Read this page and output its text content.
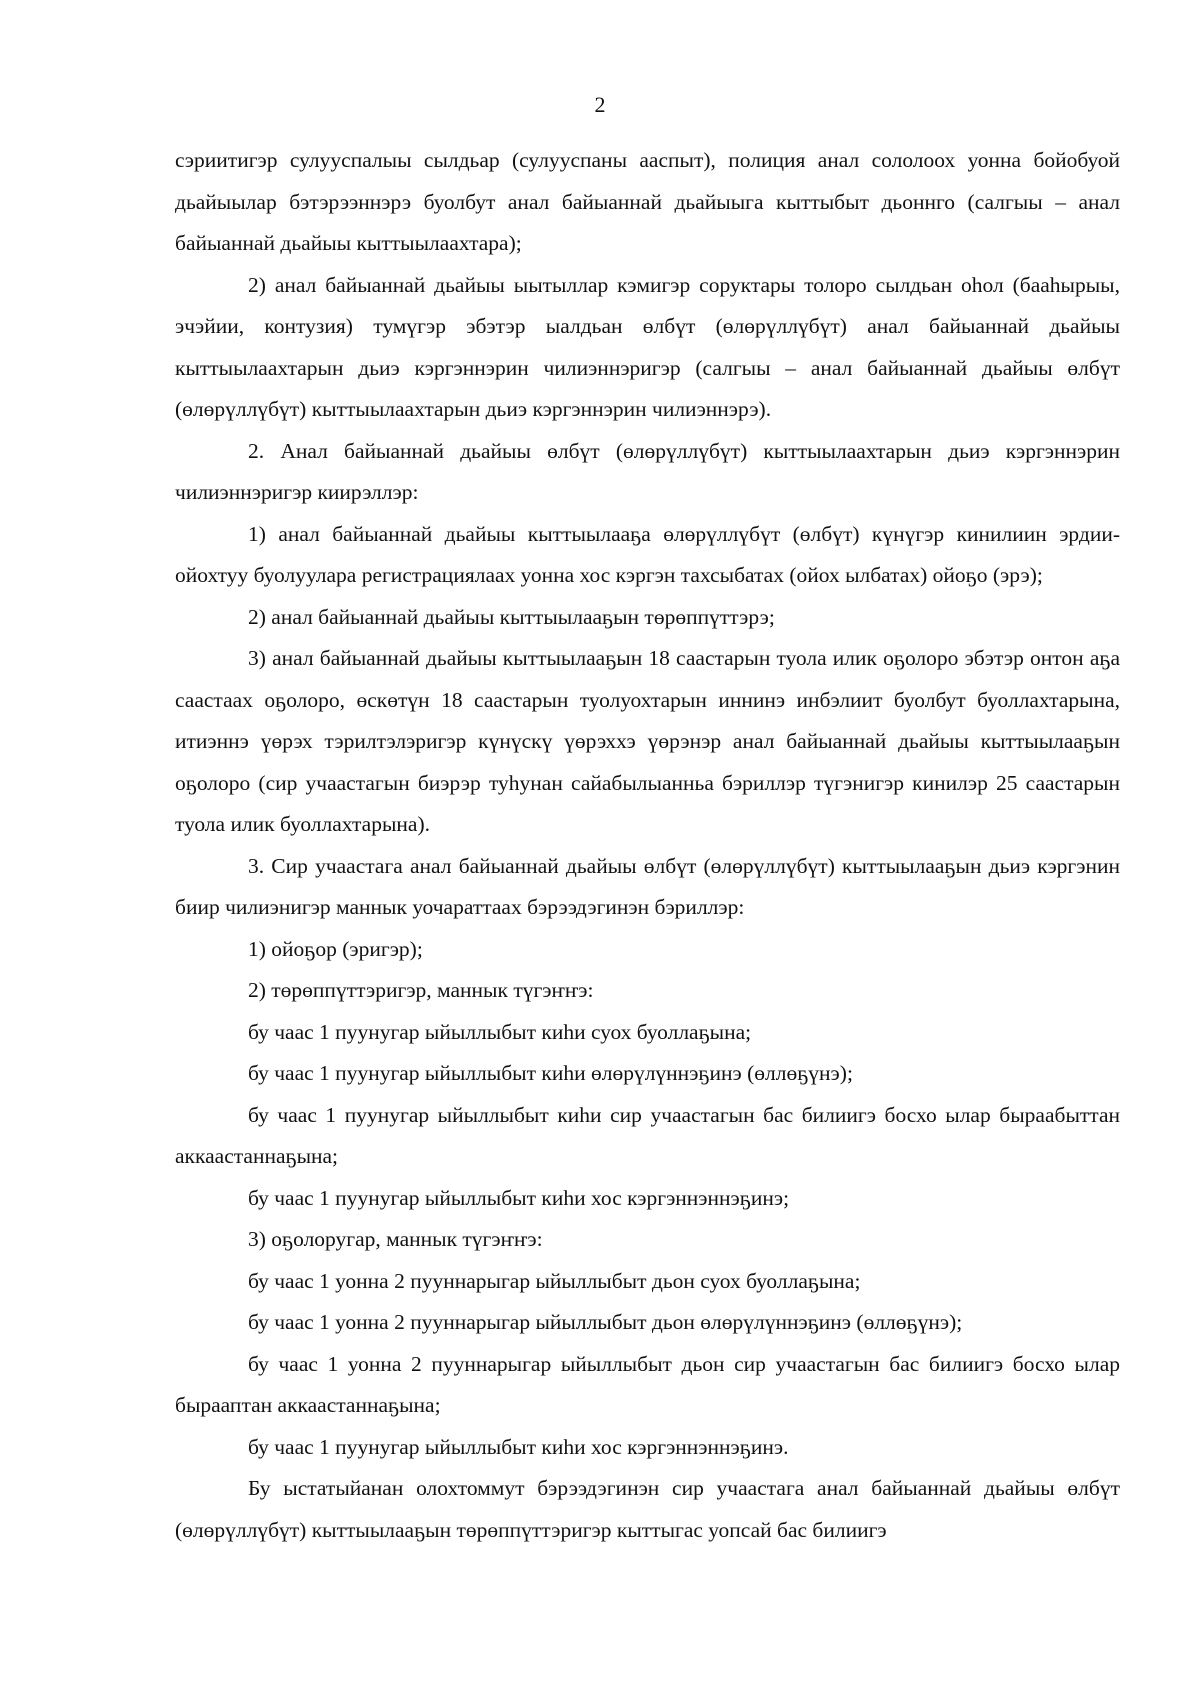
2

сэриитигэр сулууспалыы сылдьар (сулууспаны ааспыт), полиция анал сололоох уонна бойобуой дьайыылар бэтэрээннэрэ буолбут анал байыаннай дьайыыга кыттыбыт дьоннго (салгыы – анал байыаннай дьайыы кыттыылаахтара);

2) анал байыаннай дьайыы ыытыллар кэмигэр соруктары толоро сылдьан оhол (бааhырыы, эчэйии, контузия) тумүгэр эбэтэр ыалдьан өлбүт (өлөрүллүбүт) анал байыаннай дьайыы кыттыылаахтарын дьиэ кэргэннэрин чилиэннэригэр (салгыы – анал байыаннай дьайыы өлбүт (өлөрүллүбүт) кыттыылаахтарын дьиэ кэргэннэрин чилиэннэрэ).

2. Анал байыаннай дьайыы өлбүт (өлөрүллүбүт) кыттыылаахтарын дьиэ кэргэннэрин чилиэннэригэр киирэллэр:

1) анал байыаннай дьайыы кыттыылааҕа өлөрүллүбүт (өлбүт) күнүгэр кинилиин эрдии-ойохтуу буолуулара регистрациялаах уонна хос кэргэн тахсыбатах (ойох ылбатах) ойоҕо (эрэ);

2) анал байыаннай дьайыы кыттыылааҕын төрөппүттэрэ;

3) анал байыаннай дьайыы кыттыылааҕын 18 саастарын туола илик оҕолоро эбэтэр онтон аҕа саастаах оҕолоро, өскөтүн 18 саастарын туолуохтарын иннинэ инбэлиит буолбут буоллахтарына, итиэннэ үөрэх тэрилтэлэригэр күнүскү үөрэххэ үөрэнэр анал байыаннай дьайыы кыттыылааҕын оҕолоро (сир учаастагын биэрэр туhунан сайабылыанньа бэриллэр түгэнигэр кинилэр 25 саастарын туола илик буоллахтарына).

3. Сир учаастага анал байыаннай дьайыы өлбүт (өлөрүллүбүт) кыттыылааҕын дьиэ кэргэнин биир чилиэнигэр маннык уочараттаах бэрээдэгинэн бэриллэр:

1) ойоҕор (эригэр);

2) төрөппүттэригэр, маннык түгэҥҥэ:

бу чаас 1 пуунугар ыйыллыбыт киhи суох буоллаҕына;

бу чаас 1 пуунугар ыйыллыбыт киhи өлөрүлүннэҕинэ (өллөҕүнэ);

бу чаас 1 пуунугар ыйыллыбыт киhи сир учаастагын бас билиигэ босхо ылар быраабыттан аккаастаннаҕына;

бу чаас 1 пуунугар ыйыллыбыт киhи хос кэргэннэннэҕинэ;

3) оҕолоругар, маннык түгэҥҥэ:

бу чаас 1 уонна 2 пууннарыгар ыйыллыбыт дьон суох буоллаҕына;

бу чаас 1 уонна 2 пууннарыгар ыйыллыбыт дьон өлөрүлүннэҕинэ (өллөҕүнэ);

бу чаас 1 уонна 2 пууннарыгар ыйыллыбыт дьон сир учаастагын бас билиигэ босхо ылар бырааптан аккаастаннаҕына;

бу чаас 1 пуунугар ыйыллыбыт киhи хос кэргэннэннэҕинэ.

Бу ыстатыйанан олохтоммут бэрээдэгинэн сир учаастага анал байыаннай дьайыы өлбүт (өлөрүллүбүт) кыттыылааҕын төрөппүттэригэр кыттыгас уопсай бас билиигэ
